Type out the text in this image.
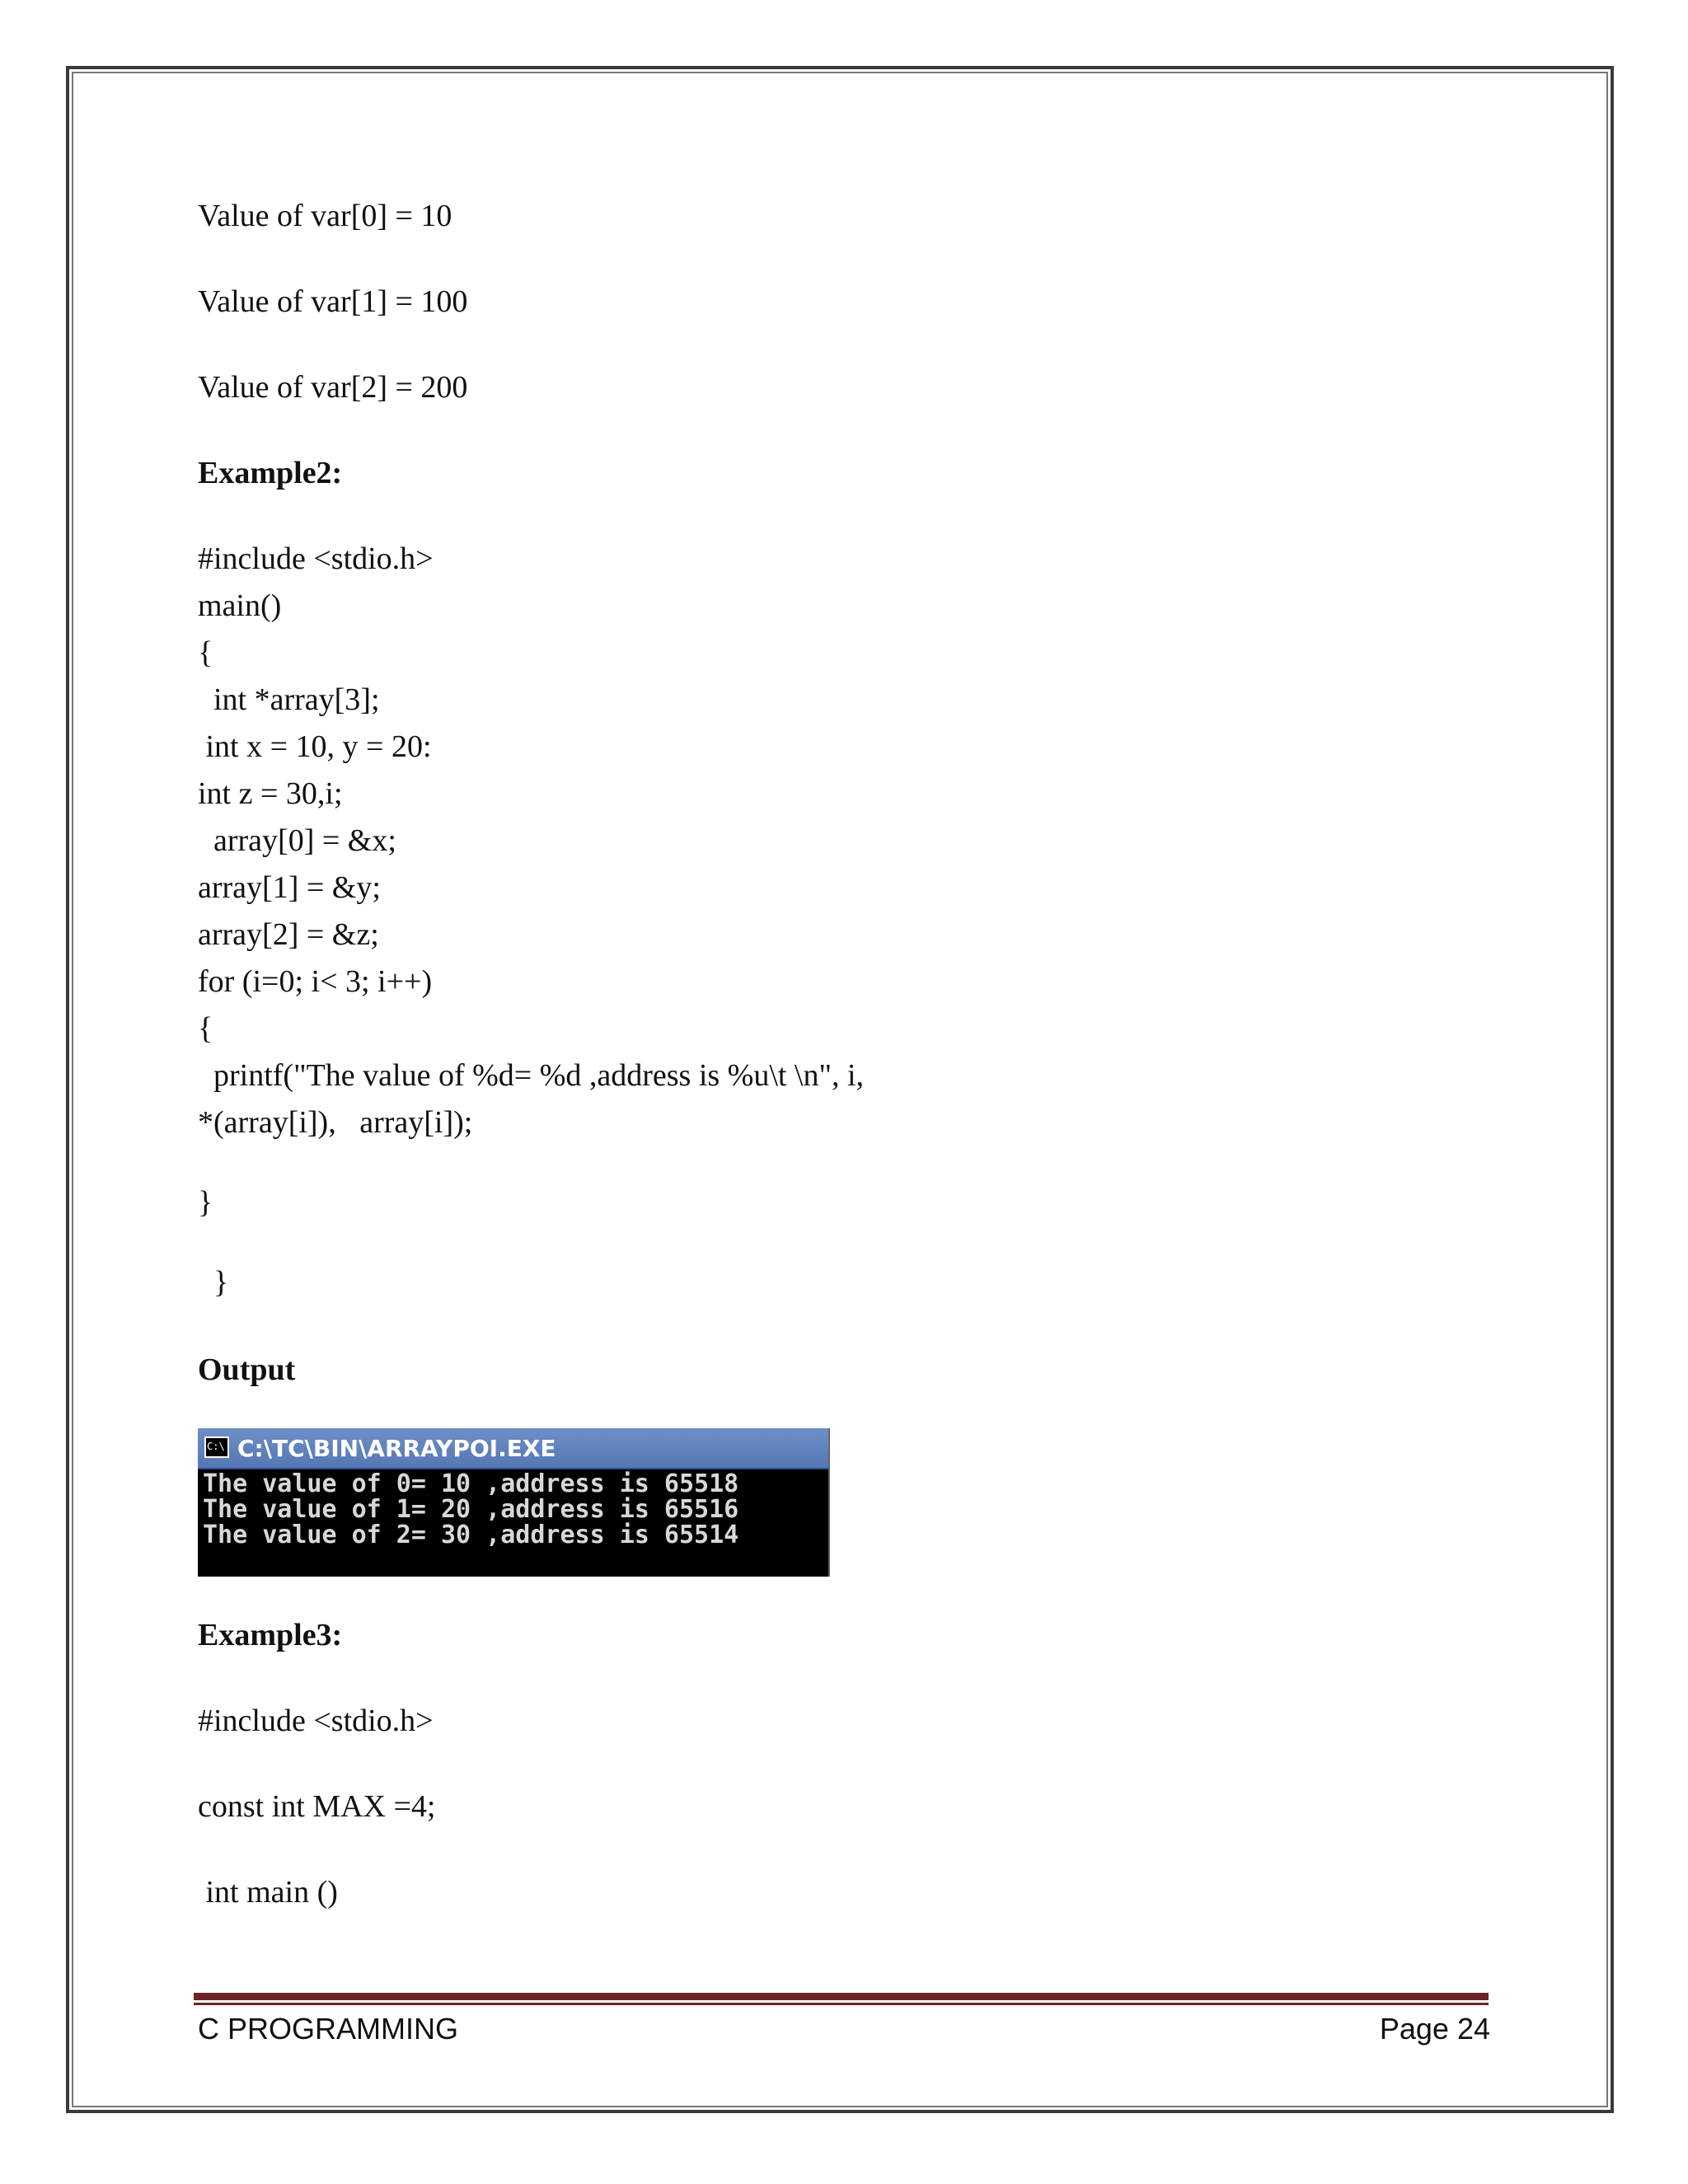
Value of var[0] = 10
Value of var[1] = 100
Value of var[2] = 200
Example2:
#include <stdio.h>
main()
{
int *array[3];
int x = 10, y = 20:
int z = 30,i;
array[0] = &x;
array[1] = &y;
array[2] = &z;
for (i=0; i< 3; i++)
{
printf("The value of %d= %d ,address is %u\t \n", i,
*(array[i]),   array[i]);
}
}
Output
C:\ C:\TC\BIN\ARRAYPOI.EXE
The value of 0= 10 ,address is 65518
The value of 1= 20 ,address is 65516
The value of 2= 30 ,address is 65514
Example3:
#include <stdio.h>
const int MAX =4;
int main ()
C PROGRAMMING	Page 24
